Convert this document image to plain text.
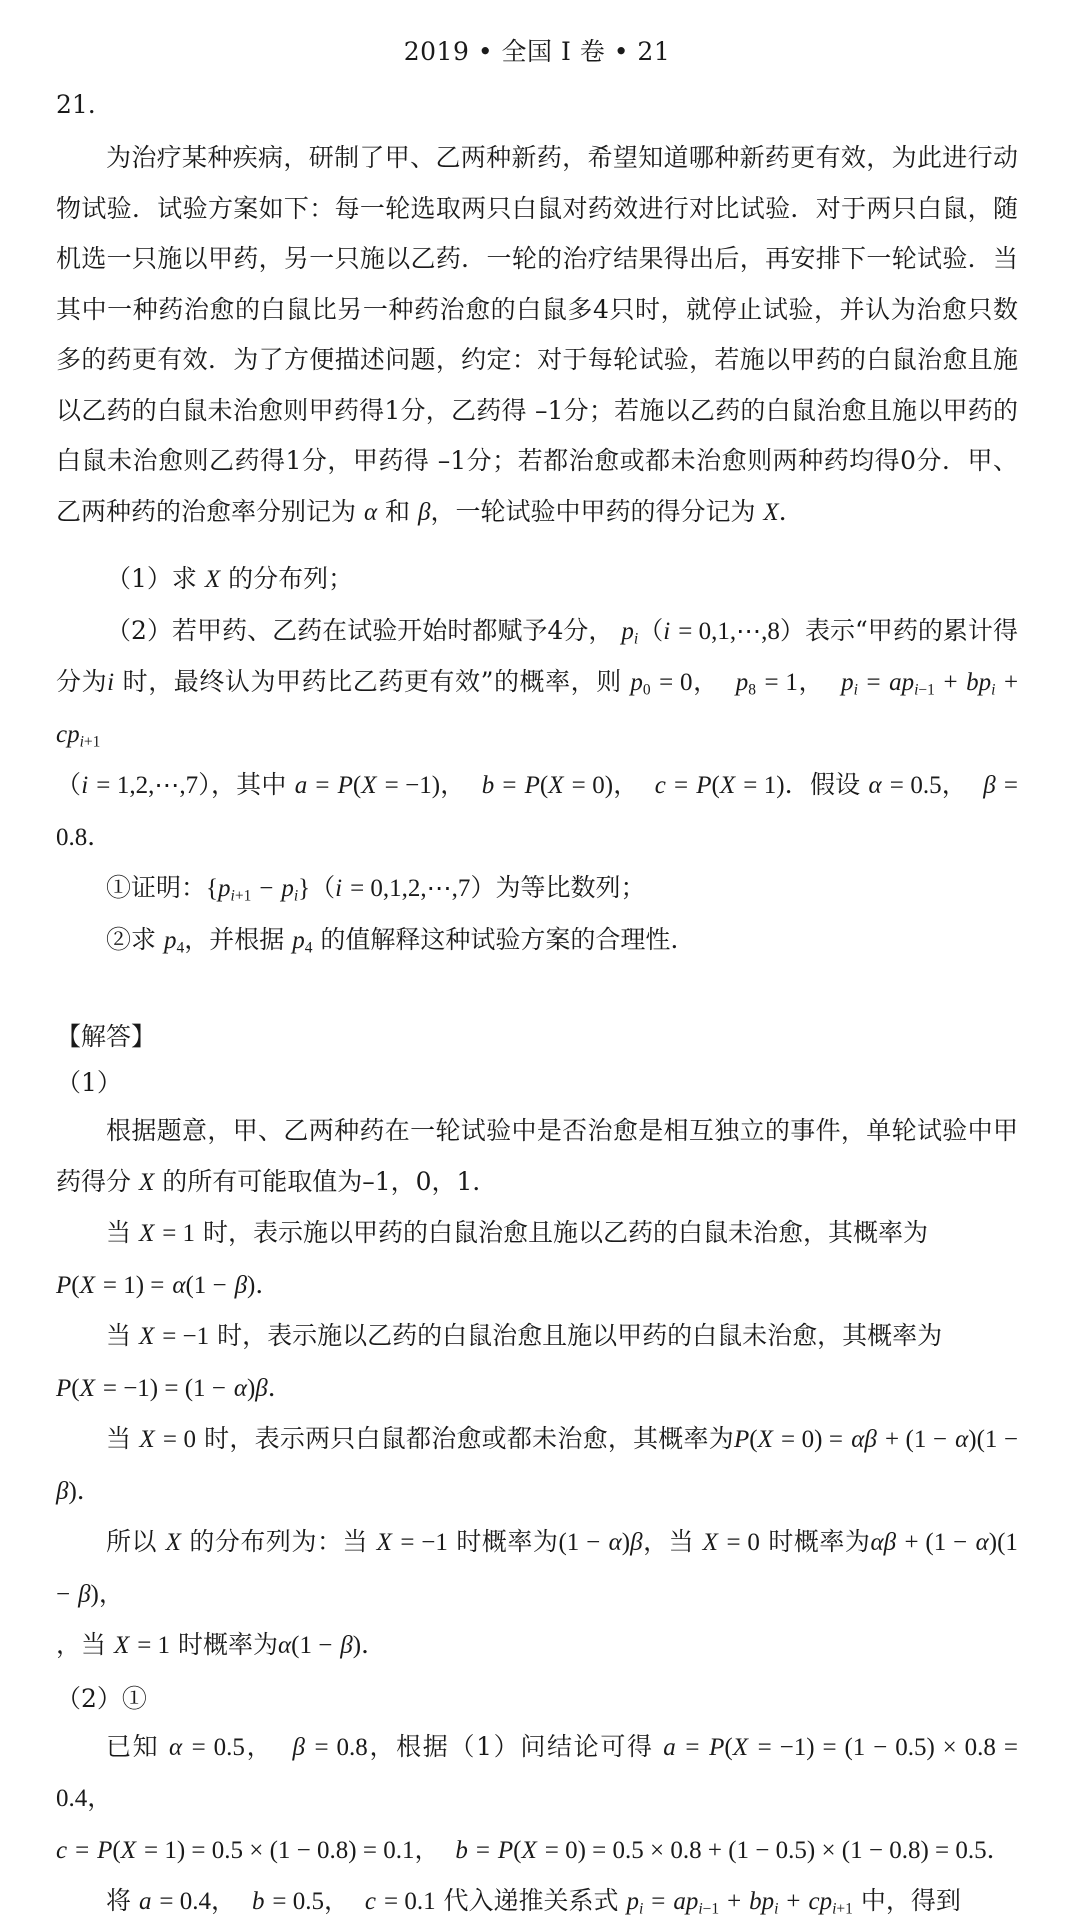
2019 • 全国 I 卷 • 21
21.

为治疗某种疾病，研制了甲、乙两种新药，希望知道哪种新药更有效，为此进行动物试验．试验方案如下：每一轮选取两只白鼠对药效进行对比试验．对于两只白鼠，随机选一只施以甲药，另一只施以乙药．一轮的治疗结果得出后，再安排下一轮试验．当其中一种药治愈的白鼠比另一种药治愈的白鼠多4只时，就停止试验，并认为治愈只数多的药更有效．为了方便描述问题，约定：对于每轮试验，若施以甲药的白鼠治愈且施以乙药的白鼠未治愈则甲药得1分，乙药得 –1分；若施以乙药的白鼠治愈且施以甲药的白鼠未治愈则乙药得1分，甲药得 –1分；若都治愈或都未治愈则两种药均得0分．甲、乙两种药的治愈率分别记为 α 和 β，一轮试验中甲药的得分记为 X．

（1）求 X 的分布列；

（2）若甲药、乙药在试验开始时都赋予4分， $p_i(i$ = 0,1,⋯,8）表示“甲药的累计得分为i 时，最终认为甲药比乙药更有效”的概率，则 $p_0 = 0$，  $p_8 = 1$，  $p_i = ap_{i-1} + bp_i + cp_{i+1}$
（i = 1,2,⋯,7），其中 a = P(X = −1)，  b = P(X = 0)，  c = P(X = 1)．假设 α = 0.5，  β = 0.8．

①证明：$\{p_{i+1} - p_i\}(i$ = 0,1,2,⋯,7）为等比数列；

②求 $p_4$，并根据 $p_4$ 的值解释这种试验方案的合理性.

【解答】
（1）

根据题意，甲、乙两种药在一轮试验中是否治愈是相互独立的事件，单轮试验中甲药得分 X 的所有可能取值为–1，0，1．

当 X = 1 时，表示施以甲药的白鼠治愈且施以乙药的白鼠未治愈，其概率为
P(X = 1) = α(1 − β)．

当 X = −1 时，表示施以乙药的白鼠治愈且施以甲药的白鼠未治愈，其概率为
P(X = −1) = (1 − α)β．

当 X = 0 时，表示两只白鼠都治愈或都未治愈，其概率为P(X = 0) = αβ + (1 − α)(1 − β)．

所以 X 的分布列为：当 X = −1 时概率为(1 − α)β，当 X = 0 时概率为αβ + (1 − α)(1 − β)，
，当 X = 1 时概率为α(1 − β)．

（2）①

已知 α = 0.5，  β = 0.8，根据（1）问结论可得 a = P(X = −1) = (1 − 0.5) × 0.8 = 0.4，
c = P(X = 1) = 0.5 × (1 − 0.8) = 0.1，  b = P(X = 0) = 0.5 × 0.8 + (1 − 0.5) × (1 − 0.8) = 0.5．

将 a = 0.4，  b = 0.5，  c = 0.1 代入递推关系式 $p_i = ap_{i-1} + bp_i + cp_{i+1}$ 中，得到
